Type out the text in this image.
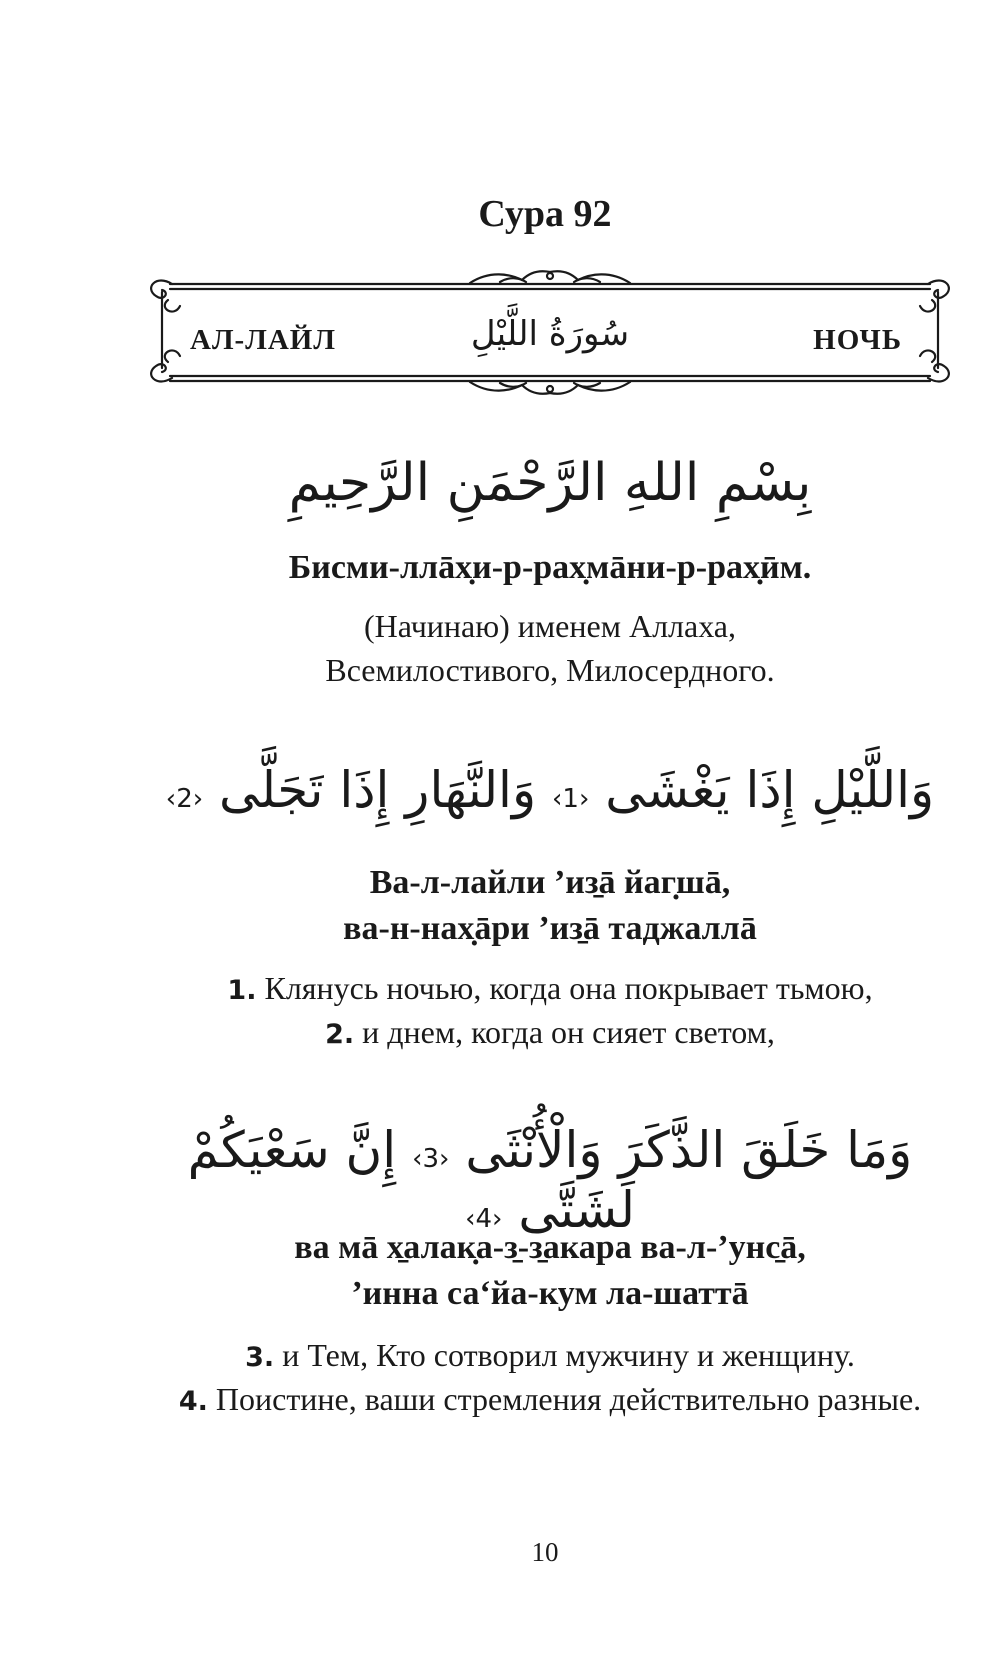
Сура 92
АЛ-ЛАЙЛ	سُورَةُ اللَّيْلِ	НОЧЬ
بِسْمِ اللهِ الرَّحْمَنِ الرَّحِيمِ
Бисми-ллāх̣и-р-рах̣мāни-р-рах̣ӣм.
(Начинаю) именем Аллаха,
Всемилостивого, Милосердного.
وَاللَّيْلِ إِذَا يَغْشَى ‹1› وَالنَّهَارِ إِذَا تَجَلَّى ‹2›
Ва-л-лайли ’из̱ā йаг̣шā,
ва-н-нах̣āри ’из̱ā таджаллā
1. Клянусь ночью, когда она покрывает тьмою,
2. и днем, когда он сияет светом,
وَمَا خَلَقَ الذَّكَرَ وَالْأُنْثَى ‹3› إِنَّ سَعْيَكُمْ لَشَتَّى ‹4›
ва мā х̱алак̣а-з̱-з̱акара ва-л-’унс̱ā,
’инна са‘йа-кум ла-шаттā
3. и Тем, Кто сотворил мужчину и женщину.
4. Поистине, ваши стремления действительно разные.
10
